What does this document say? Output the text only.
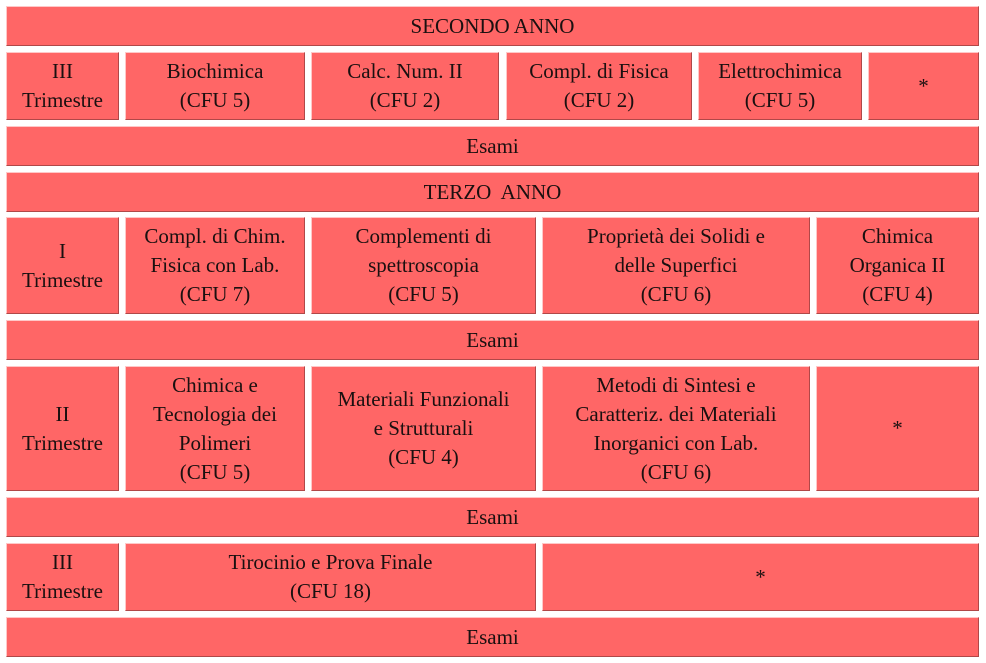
SECONDO ANNO
III
Trimestre
Biochimica
(CFU 5)
Calc. Num. II
(CFU 2)
Compl. di Fisica
(CFU 2)
Elettrochimica
(CFU 5)
*
Esami
TERZO  ANNO
I
Trimestre
Compl. di Chim.
Fisica con Lab.
(CFU 7)
Complementi di
spettroscopia
(CFU 5)
Proprietà dei Solidi e
delle Superfici
(CFU 6)
Chimica
Organica II
(CFU 4)
Esami
II
Trimestre
Chimica e
Tecnologia dei
Polimeri
(CFU 5)
Materiali Funzionali
e Strutturali
(CFU 4)
Metodi di Sintesi e
Caratteriz. dei Materiali
Inorganici con Lab.
(CFU 6)
*
Esami
III
Trimestre
Tirocinio e Prova Finale
(CFU 18)
*
Esami
